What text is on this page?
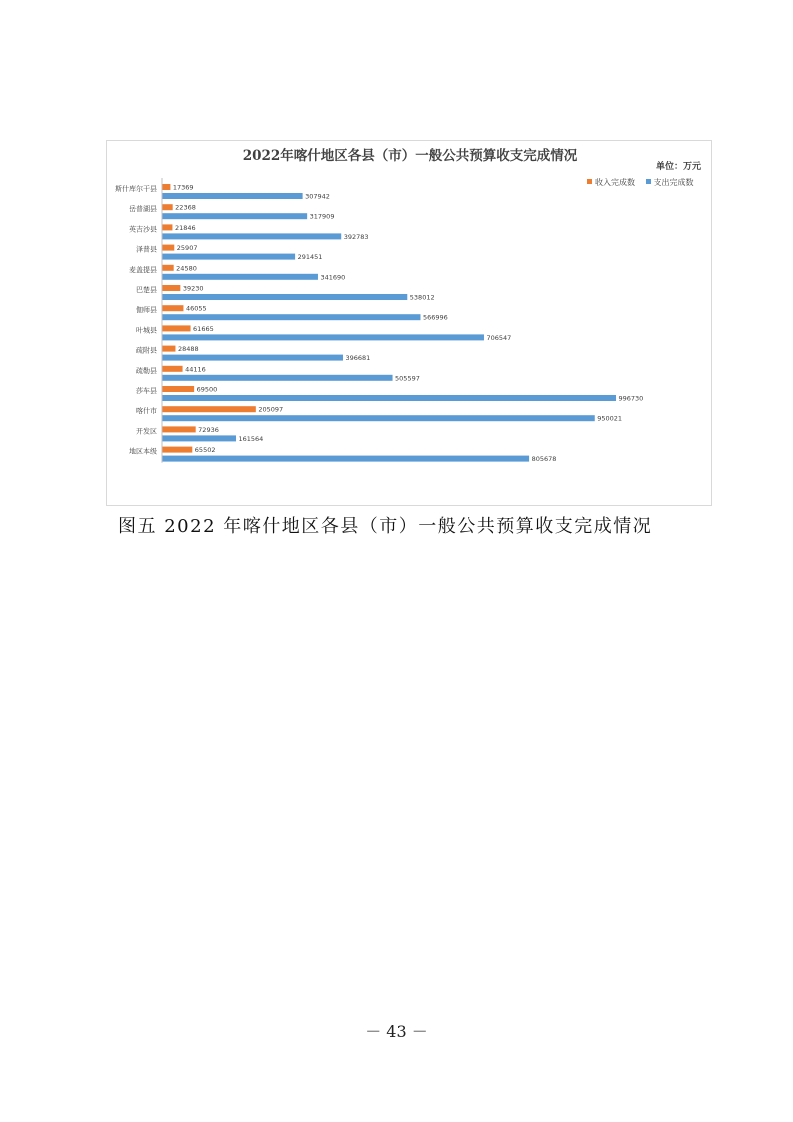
2022年喀什地区各县（市）一般公共预算收支完成情况
单位：万元
收入完成数 支出完成数
斯什库尔干县 17369
307942
岳普湖县	22368
317909
英吉沙县	21846
392783
泽普县	25907
291451
麦盖提县	24580
341690
巴楚县	39230
538012
伽师县	46055
566996
叶城县	61665
706547
疏附县	28488
396681
疏勒县	44116
505597
莎车县	69500
996730
喀什市	205097
950021
开发区	72936
161564
地区本级	65502
805678
图五 2022 年喀什地区各县（市）一般公共预算收支完成情况
－ 43 －
